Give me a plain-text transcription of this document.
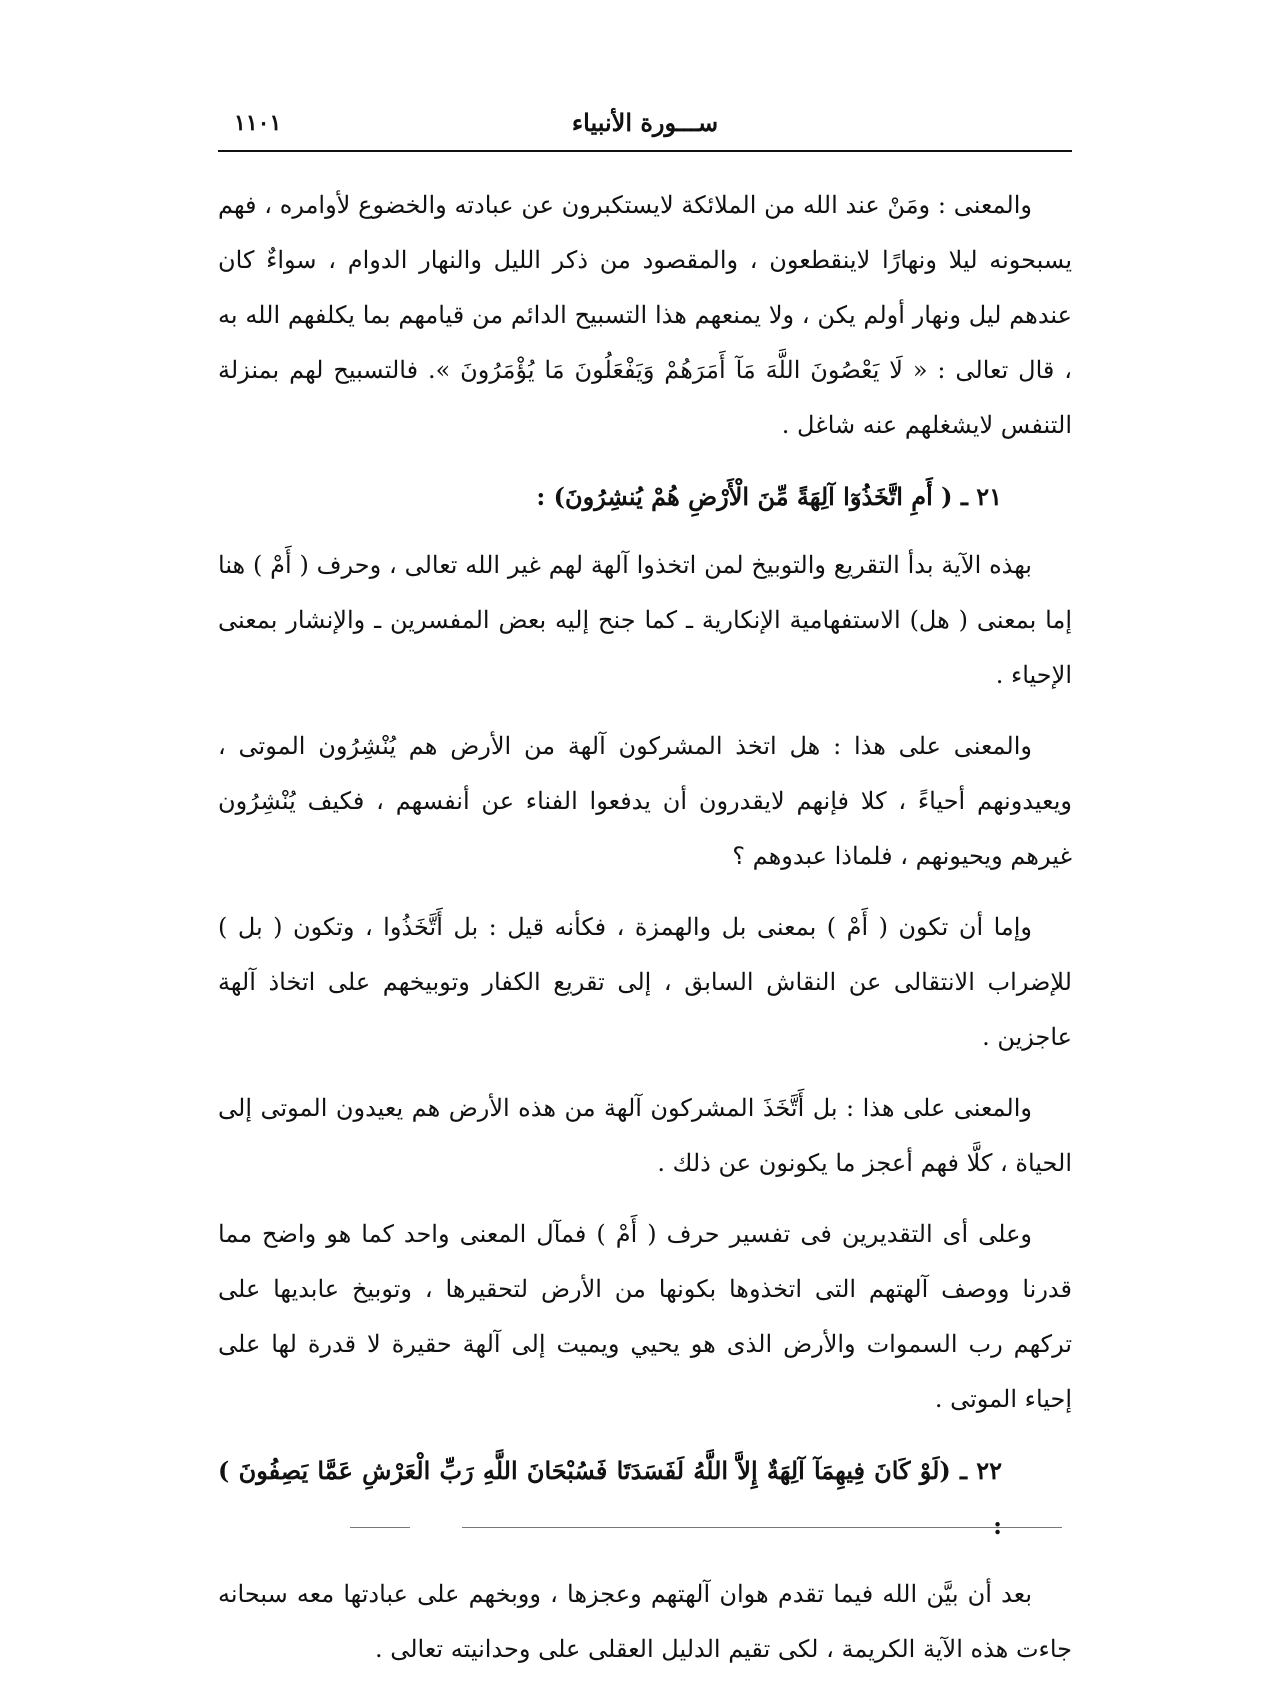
ســـورة الأنبياء
١١٠١

والمعنى : ومَنْ عند الله من الملائكة لايستكبرون عن عبادته والخضوع لأوامره ، فهم يسبحونه ليلا ونهارًا لاينقطعون ، والمقصود من ذكر الليل والنهار الدوام ، سواءٌ كان عندهم ليل ونهار أولم يكن ، ولا يمنعهم هذا التسبيح الدائم من قيامهم بما يكلفهم الله به ، قال تعالى : « لَا يَعْصُونَ اللَّهَ مَآ أَمَرَهُمْ وَيَفْعَلُونَ مَا يُؤْمَرُونَ ». فالتسبيح لهم بمنزلة التنفس لايشغلهم عنه شاغل .

٢١ ـ ( أَمِ اتَّخَذُوٓا آلِهَةً مِّنَ الْأَرْضِ هُمْ يُنشِرُونَ) :

بهذه الآية بدأ التقريع والتوبيخ لمن اتخذوا آلهة لهم غير الله تعالى ، وحرف ( أَمْ ) هنا إما بمعنى ( هل) الاستفهامية الإنكارية ـ كما جنح إليه بعض المفسرين ـ والإنشار بمعنى الإحياء .

والمعنى على هذا : هل اتخذ المشركون آلهة من الأرض هم يُنْشِرُون الموتى ، ويعيدونهم أحياءً ، كلا فإنهم لايقدرون أن يدفعوا الفناء عن أنفسهم ، فكيف يُنْشِرُون غيرهم ويحيونهم ، فلماذا عبدوهم ؟

وإما أن تكون ( أَمْ ) بمعنى بل والهمزة ، فكأنه قيل : بل أَتَّخَذُوا ، وتكون ( بل ) للإضراب الانتقالى عن النقاش السابق ، إلى تقريع الكفار وتوبيخهم على اتخاذ آلهة عاجزين .

والمعنى على هذا : بل أَتَّخَذَ المشركون آلهة من هذه الأرض هم يعيدون الموتى إلى الحياة ، كلَّا فهم أعجز ما يكونون عن ذلك .

وعلى أى التقديرين فى تفسير حرف ( أَمْ ) فمآل المعنى واحد كما هو واضح مما قدرنا ووصف آلهتهم التى اتخذوها بكونها من الأرض لتحقيرها ، وتوبيخ عابديها على تركهم رب السموات والأرض الذى هو يحيي ويميت إلى آلهة حقيرة لا قدرة لها على إحياء الموتى .

٢٢ ـ (لَوْ كَانَ فِيهِمَآ آلِهَةٌ إِلاَّ اللَّهُ لَفَسَدَتَا فَسُبْحَانَ اللَّهِ رَبِّ الْعَرْشِ عَمَّا يَصِفُونَ ) :

بعد أن بيَّن الله فيما تقدم هوان آلهتهم وعجزها ، ووبخهم على عبادتها معه سبحانه جاءت هذه الآية الكريمة ، لكى تقيم الدليل العقلى على وحدانيته تعالى .
